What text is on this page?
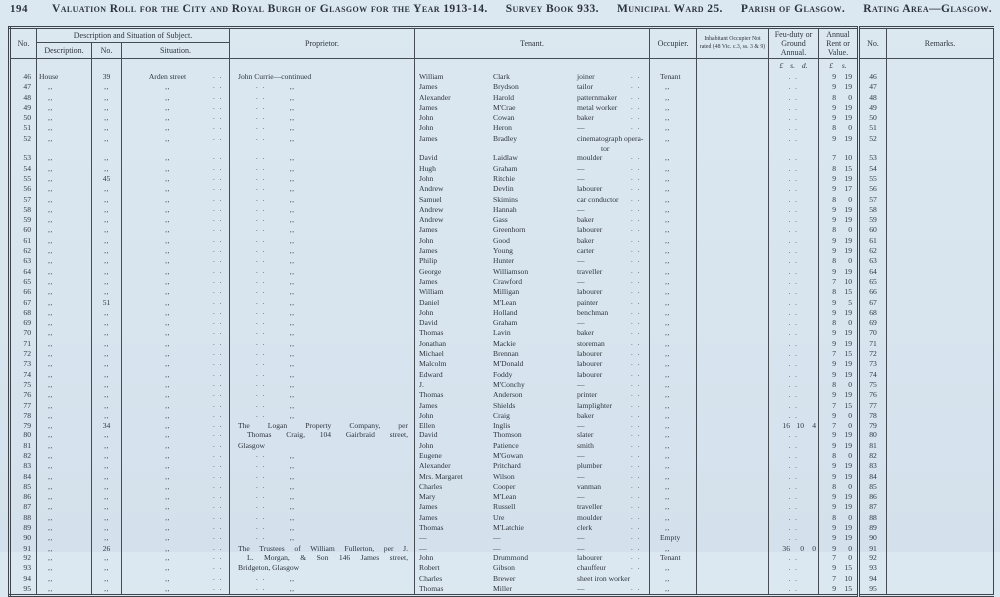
194 Valuation Roll for the City and Royal Burgh of Glasgow for the Year 1913-14. Survey Book 933. Municipal Ward 25. Parish of Glasgow. Rating Area—Glasgow.
No.	Description and Situation of Subject.			Proprietor.	Tenant.	Occupier.	Inhabitant Occupier Not rated (48 Vic. c.3, ss. 3 & 9)	Feu-duty or Ground Annual.	Annual Rent or Value.	No.	Remarks.
	Description.	No.	Situation.								
								£ s. d.	£ s.		
46	House	39	Arden street . .	John Currie—continued	William Clark joiner . .	Tenant		. .	9 19	46	
47	,,	,,	,, . .	. . ,,	James Brydson tailor . .	,,		. .	9 19	47	
48	,,	,,	,, . .	. . ,,	Alexander Harold patternmaker . .	,,		. .	8 0	48	
49	,,	,,	,, . .	. . ,,	James M'Crae metal worker . .	,,		. .	9 19	49	
50	,,	,,	,, . .	. . ,,	John Cowan baker . .	,,		. .	9 19	50	
51	,,	,,	,, . .	. . ,,	John Heron — . .	,,		. .	8 0	51	
52	,,	,,	,, . .	. . ,,	James Bradley cinematograph opera-	,,		. .	9 19	52	

					tor						

53	,,	,,	,, . .	. . ,,	David Laidlaw moulder . .	,,		. .	7 10	53	
54	,,	,,	,, . .	. . ,,	Hugh Graham — . .	,,		. .	8 15	54	
55	,,	45	,, . .	. . ,,	John Ritchie — . .	,,		. .	9 19	55	
56	,,	,,	,, . .	. . ,,	Andrew Devlin labourer . .	,,		. .	9 17	56	
57	,,	,,	,, . .	. . ,,	Samuel Skimins car conductor . .	,,		. .	8 0	57	
58	,,	,,	,, . .	. . ,,	Andrew Hannah — . .	,,		. .	9 19	58	
59	,,	,,	,, . .	. . ,,	Andrew Gass baker . .	,,		. .	9 19	59	
60	,,	,,	,, . .	. . ,,	James Greenhorn labourer . .	,,		. .	8 0	60	
61	,,	,,	,, . .	. . ,,	John Good baker . .	,,		. .	9 19	61	
62	,,	,,	,, . .	. . ,,	James Young carter . .	,,		. .	9 19	62	
63	,,	,,	,, . .	. . ,,	Philip Hunter — . .	,,		. .	8 0	63	
64	,,	,,	,, . .	. . ,,	George Williamson traveller . .	,,		. .	9 19	64	
65	,,	,,	,, . .	. . ,,	James Crawford — . .	,,		. .	7 10	65	
66	,,	,,	,, . .	. . ,,	William Milligan labourer . .	,,		. .	8 15	66	
67	,,	51	,, . .	. . ,,	Daniel M'Lean painter . .	,,		. .	9 5	67	
68	,,	,,	,, . .	. . ,,	John Holland benchman . .	,,		. .	9 19	68	
69	,,	,,	,, . .	. . ,,	David Graham — . .	,,		. .	8 0	69	
70	,,	,,	,, . .	. . ,,	Thomas Lavin baker . .	,,		. .	9 19	70	
71	,,	,,	,, . .	. . ,,	Jonathan Mackie storeman . .	,,		. .	9 19	71	
72	,,	,,	,, . .	. . ,,	Michael Brennan labourer . .	,,		. .	7 15	72	
73	,,	,,	,, . .	. . ,,	Malcolm M'Donald labourer . .	,,		. .	9 19	73	
74	,,	,,	,, . .	. . ,,	Edward Foddy labourer . .	,,		. .	9 19	74	
75	,,	,,	,, . .	. . ,,	J. M'Conchy — . .	,,		. .	8 0	75	
76	,,	,,	,, . .	. . ,,	Thomas Anderson printer . .	,,		. .	9 19	76	
77	,,	,,	,, . .	. . ,,	James Shields lamplighter . .	,,		. .	7 15	77	
78	,,	,,	,, . .	. . ,,	John Craig baker . .	,,		. .	9 0	78	
79	,,	34	,, . .	The Logan Property Company, per	Ellen Inglis — . .	,,		16 10 4	7 0	79	
80	,,	,,	,, . .	Thomas Craig, 104 Gairbraid street,	David Thomson slater . .	,,		. .	9 19	80	
81	,,	,,	,, . .	Glasgow	John Patience smith . .	,,		. .	9 19	81	
82	,,	,,	,, . .	. . ,,	Eugene M'Gowan — . .	,,		. .	8 0	82	
83	,,	,,	,, . .	. . ,,	Alexander Pritchard plumber . .	,,		. .	9 19	83	
84	,,	,,	,, . .	. . ,,	Mrs. Margaret Wilson — . .	,,		. .	9 19	84	
85	,,	,,	,, . .	. . ,,	Charles Cooper vanman . .	,,		. .	8 0	85	
86	,,	,,	,, . .	. . ,,	Mary M'Lean — . .	,,		. .	9 19	86	
87	,,	,,	,, . .	. . ,,	James Russell traveller . .	,,		. .	9 19	87	
88	,,	,,	,, . .	. . ,,	James Ure moulder . .	,,		. .	8 0	88	
89	,,	,,	,, . .	. . ,,	Thomas M'Latchie clerk . .	,,		. .	9 19	89	
90	,,	,,	,, . .	. . ,,	— — — . .	Empty		. .	9 19	90	
91	,,	26	,, . .	The Trustees of William Fullerton, per J.	— — — . .	,,		36 0 0	9 0	91	
92	,,	,,	,, . .	L. Morgan, & Son 146 James street,	John Drummond labourer . .	Tenant		. .	7 0	92	
93	,,	,,	,, . .	Bridgeton, Glasgow	Robert Gibson chauffeur . .	,,		. .	9 15	93	
94	,,	,,	,, . .	. . ,,	Charles Brewer sheet iron worker	,,		. .	7 10	94	
95	,,	,,	,, . .	. . ,,	Thomas Miller — . .	,,		. .	9 15	95	
